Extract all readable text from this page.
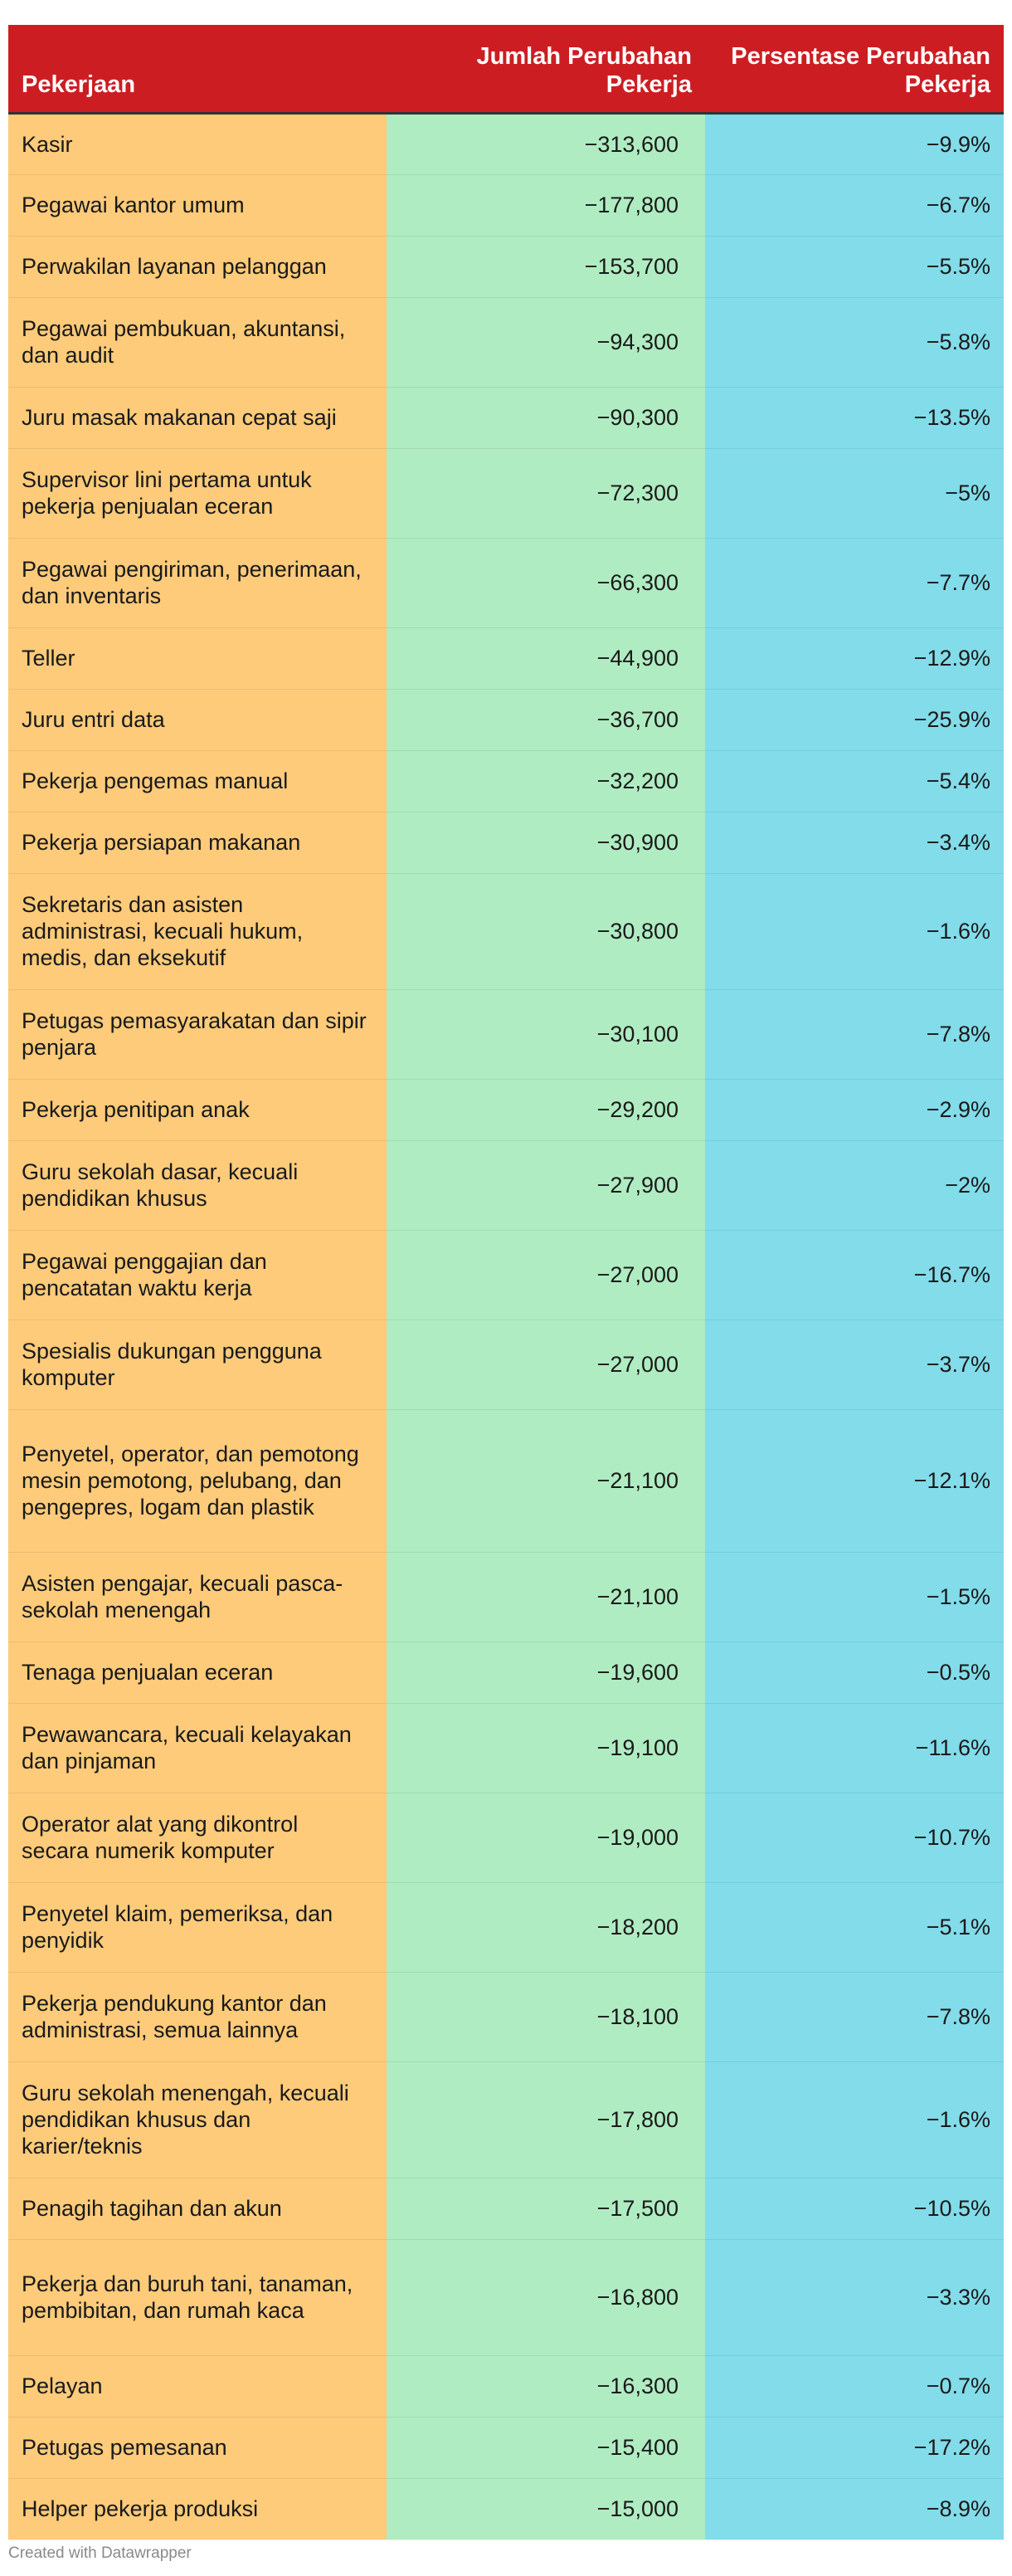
Pekerjaan	Jumlah Perubahan Pekerja	Persentase Perubahan Pekerja
Kasir	−313,600	−9.9%
Pegawai kantor umum	−177,800	−6.7%
Perwakilan layanan pelanggan	−153,700	−5.5%
Pegawai pembukuan, akuntansi, dan audit	−94,300	−5.8%
Juru masak makanan cepat saji	−90,300	−13.5%
Supervisor lini pertama untuk pekerja penjualan eceran	−72,300	−5%
Pegawai pengiriman, penerimaan, dan inventaris	−66,300	−7.7%
Teller	−44,900	−12.9%
Juru entri data	−36,700	−25.9%
Pekerja pengemas manual	−32,200	−5.4%
Pekerja persiapan makanan	−30,900	−3.4%
Sekretaris dan asisten administrasi, kecuali hukum, medis, dan eksekutif	−30,800	−1.6%
Petugas pemasyarakatan dan sipir penjara	−30,100	−7.8%
Pekerja penitipan anak	−29,200	−2.9%
Guru sekolah dasar, kecuali pendidikan khusus	−27,900	−2%
Pegawai penggajian dan pencatatan waktu kerja	−27,000	−16.7%
Spesialis dukungan pengguna komputer	−27,000	−3.7%
Penyetel, operator, dan pemotong mesin pemotong, pelubang, dan pengepres, logam dan plastik	−21,100	−12.1%
Asisten pengajar, kecuali pasca-sekolah menengah	−21,100	−1.5%
Tenaga penjualan eceran	−19,600	−0.5%
Pewawancara, kecuali kelayakan dan pinjaman	−19,100	−11.6%
Operator alat yang dikontrol secara numerik komputer	−19,000	−10.7%
Penyetel klaim, pemeriksa, dan penyidik	−18,200	−5.1%
Pekerja pendukung kantor dan administrasi, semua lainnya	−18,100	−7.8%
Guru sekolah menengah, kecuali pendidikan khusus dan karier/teknis	−17,800	−1.6%
Penagih tagihan dan akun	−17,500	−10.5%
Pekerja dan buruh tani, tanaman, pembibitan, dan rumah kaca	−16,800	−3.3%
Pelayan	−16,300	−0.7%
Petugas pemesanan	−15,400	−17.2%
Helper pekerja produksi	−15,000	−8.9%
Created with Datawrapper
